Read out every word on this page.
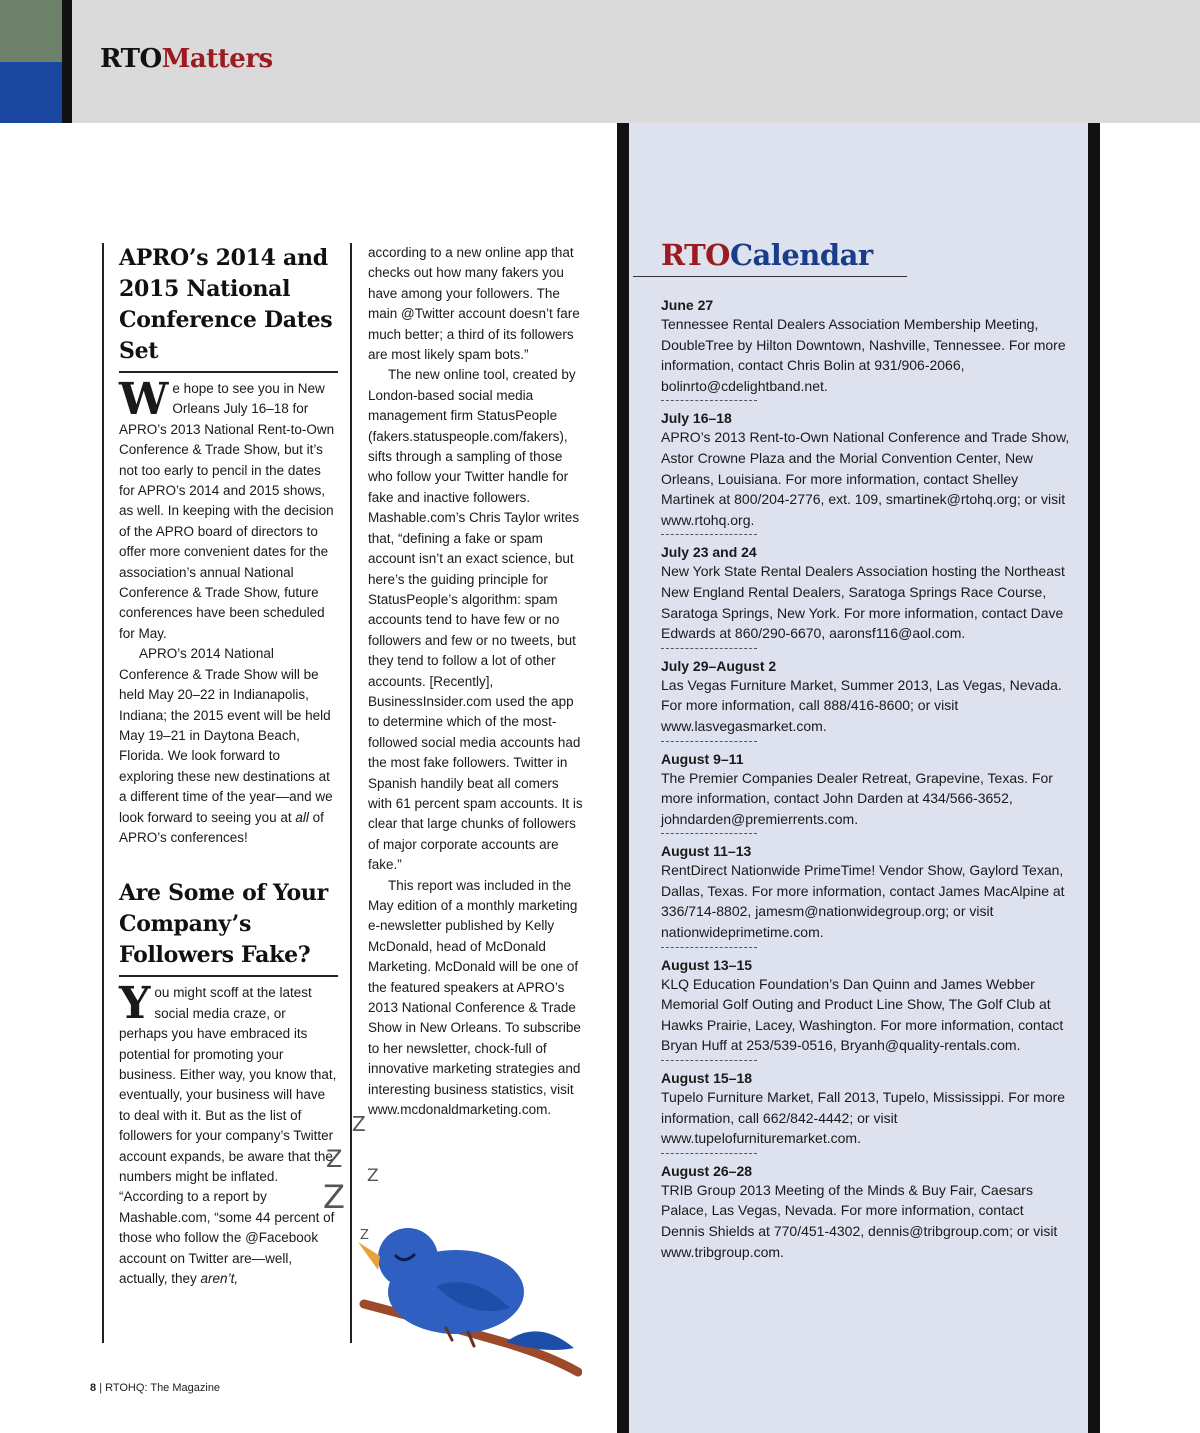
RTOMatters
APRO’s 2014 and 2015 National Conference Dates Set

We hope to see you in New Orleans July 16–18 for APRO’s 2013 National Rent-to-Own Conference & Trade Show, but it’s not too early to pencil in the dates for APRO’s 2014 and 2015 shows, as well. In keeping with the decision of the APRO board of directors to offer more convenient dates for the association’s annual National Conference & Trade Show, future conferences have been scheduled for May.

APRO’s 2014 National Conference & Trade Show will be held May 20–22 in Indianapolis, Indiana; the 2015 event will be held May 19–21 in Daytona Beach, Florida. We look forward to exploring these new destinations at a different time of the year—and we look forward to seeing you at all of APRO’s conferences!

Are Some of Your Company’s Followers Fake?

You might scoff at the latest social media craze, or perhaps you have embraced its potential for promoting your business. Either way, you know that, eventually, your business will have to deal with it. But as the list of followers for your company’s Twitter account expands, be aware that the numbers might be inflated.

“According to a report by Mashable.com, “some 44 percent of those who follow the @Facebook account on Twitter are—well, actually, they aren’t,

according to a new online app that checks out how many fakers you have among your followers. The main @Twitter account doesn’t fare much better; a third of its followers are most likely spam bots.”

The new online tool, created by London-based social media management firm StatusPeople (fakers.statuspeople.com/fakers), sifts through a sampling of those who follow your Twitter handle for fake and inactive followers. Mashable.com’s Chris Taylor writes that, “defining a fake or spam account isn’t an exact science, but here’s the guiding principle for StatusPeople’s algorithm: spam accounts tend to have few or no followers and few or no tweets, but they tend to follow a lot of other accounts. [Recently], BusinessInsider.com used the app to determine which of the most-followed social media accounts had the most fake followers. Twitter in Spanish handily beat all comers with 61 percent spam accounts. It is clear that large chunks of followers of major corporate accounts are fake.”

This report was included in the May edition of a monthly marketing e-newsletter published by Kelly McDonald, head of McDonald Marketing. McDonald will be one of the featured speakers at APRO’s 2013 National Conference & Trade Show in New Orleans. To subscribe to her newsletter, chock-full of innovative marketing strategies and interesting business statistics, visit www.mcdonaldmarketing.com.

Z
Z
Z
Z
Z
RTOCalendar
June 27
Tennessee Rental Dealers Association Membership Meeting, DoubleTree by Hilton Downtown, Nashville, Tennessee. For more information, contact Chris Bolin at 931/906-2066, bolinrto@cdelightband.net.
July 16–18
APRO’s 2013 Rent-to-Own National Conference and Trade Show, Astor Crowne Plaza and the Morial Convention Center, New Orleans, Louisiana. For more information, contact Shelley Martinek at 800/204-2776, ext. 109, smartinek@rtohq.org; or visit www.rtohq.org.
July 23 and 24
New York State Rental Dealers Association hosting the Northeast New England Rental Dealers, Saratoga Springs Race Course, Saratoga Springs, New York. For more information, contact Dave Edwards at 860/290-6670, aaronsf116@aol.com.
July 29–August 2
Las Vegas Furniture Market, Summer 2013, Las Vegas, Nevada. For more information, call 888/416-8600; or visit www.lasvegasmarket.com.
August 9–11
The Premier Companies Dealer Retreat, Grapevine, Texas. For more information, contact John Darden at 434/566-3652, johndarden@premierrents.com.
August 11–13
RentDirect Nationwide PrimeTime! Vendor Show, Gaylord Texan, Dallas, Texas. For more information, contact James MacAlpine at 336/714-8802, jamesm@nationwidegroup.org; or visit nationwideprimetime.com.
August 13–15
KLQ Education Foundation’s Dan Quinn and James Webber Memorial Golf Outing and Product Line Show, The Golf Club at Hawks Prairie, Lacey, Washington. For more information, contact Bryan Huff at 253/539-0516, Bryanh@quality-rentals.com.
August 15–18
Tupelo Furniture Market, Fall 2013, Tupelo, Mississippi. For more information, call 662/842-4442; or visit www.tupelofurnituremarket.com.
August 26–28
TRIB Group 2013 Meeting of the Minds & Buy Fair, Caesars Palace, Las Vegas, Nevada. For more information, contact Dennis Shields at 770/451-4302, dennis@tribgroup.com; or visit www.tribgroup.com.
8 | RTOHQ: The Magazine
